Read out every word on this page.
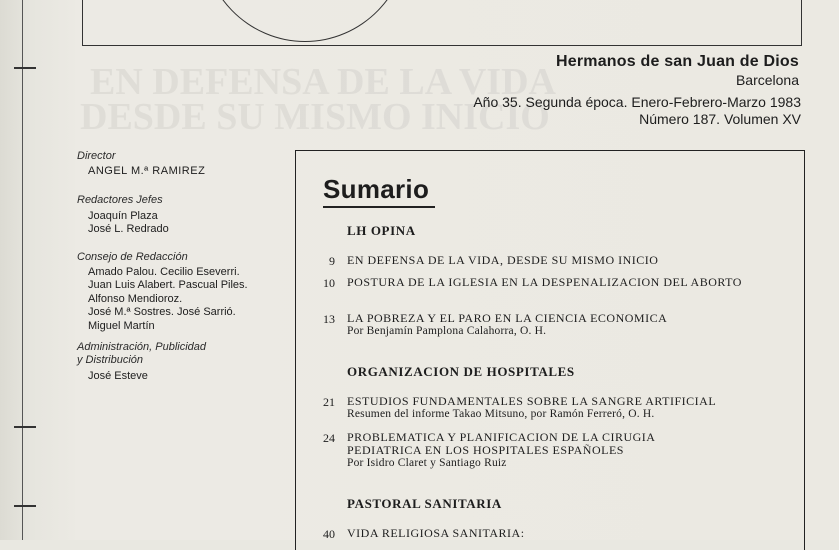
EN DEFENSA DE LA VIDA
DESDE SU MISMO INICIO
Hermanos de san Juan de Dios
Barcelona
Año 35. Segunda época. Enero-Febrero-Marzo 1983
Número 187. Volumen XV
Director
ANGEL M.ª RAMIREZ
Redactores Jefes
Joaquín Plaza
José L. Redrado
Consejo de Redacción
Amado Palou. Cecilio Eseverri.
Juan Luis Alabert. Pascual Piles.
Alfonso Mendioroz.
José M.ª Sostres. José Sarrió.
Miguel Martín
Administración, Publicidad
y Distribución
José Esteve
Sumario
LH OPINA
9 EN DEFENSA DE LA VIDA, DESDE SU MISMO INICIO
10 POSTURA DE LA IGLESIA EN LA DESPENALIZACION DEL ABORTO
13 LA POBREZA Y EL PARO EN LA CIENCIA ECONOMICA
Por Benjamín Pamplona Calahorra, O. H.
ORGANIZACION DE HOSPITALES
21 ESTUDIOS FUNDAMENTALES SOBRE LA SANGRE ARTIFICIAL
Resumen del informe Takao Mitsuno, por Ramón Ferreró, O. H.
24 PROBLEMATICA Y PLANIFICACION DE LA CIRUGIA
PEDIATRICA EN LOS HOSPITALES ESPAÑOLES
Por Isidro Claret y Santiago Ruiz
PASTORAL SANITARIA
40 VIDA RELIGIOSA SANITARIA:
